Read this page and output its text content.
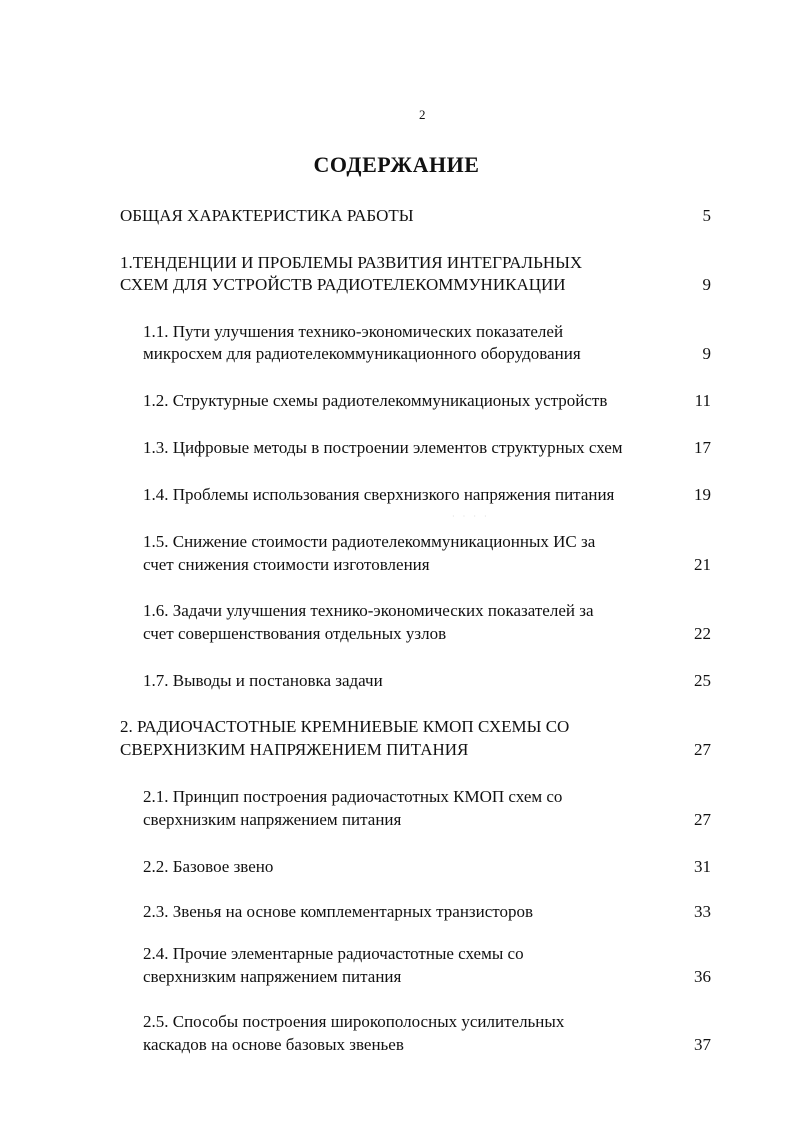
2
СОДЕРЖАНИЕ
ОБЩАЯ ХАРАКТЕРИСТИКА РАБОТЫ	5
1.ТЕНДЕНЦИИ И ПРОБЛЕМЫ РАЗВИТИЯ ИНТЕГРАЛЬНЫХ
СХЕМ ДЛЯ УСТРОЙСТВ РАДИОТЕЛЕКОММУНИКАЦИИ	9
1.1. Пути улучшения технико-экономических показателей
микросхем для радиотелекоммуникационного оборудования	9
1.2. Структурные схемы радиотелекоммуникационых устройств	11
1.3. Цифровые методы в построении элементов структурных схем	17
1.4. Проблемы использования сверхнизкого напряжения питания	19
· · · ·
1.5. Снижение стоимости радиотелекоммуникационных ИС за
счет снижения стоимости изготовления	21
1.6. Задачи улучшения технико-экономических показателей за
счет совершенствования отдельных узлов	22
1.7. Выводы и постановка задачи	25
2. РАДИОЧАСТОТНЫЕ КРЕМНИЕВЫЕ КМОП СХЕМЫ СО
СВЕРХНИЗКИМ НАПРЯЖЕНИЕМ ПИТАНИЯ	27
2.1. Принцип построения радиочастотных КМОП схем со
сверхнизким напряжением питания	27
2.2. Базовое звено	31
2.3. Звенья на основе комплементарных транзисторов	33
2.4. Прочие элементарные радиочастотные схемы со
сверхнизким напряжением питания	36
2.5. Способы построения широкополосных усилительных
каскадов на основе базовых звеньев	37
